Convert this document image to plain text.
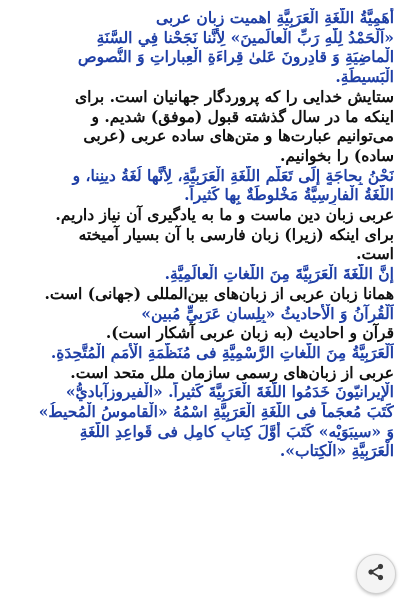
أَهَمِيَّةُ اللُّغَةِ الْعَرَبِيَّةِ اهميت زبان عربی
«اَلْحَمْدُ لِلّٰهِ رَبِّ الْعالَمینَ» لِأنَّنا نَجَحْنا فِي السَّنَةِ
الْماضِيَةِ وَ قادِرونَ عَلىٰ قِراءَةِ الْعِباراتِ وَ النُّصوصِ
الْبَسيطَةِ.
ستايش خدايى را كه پروردگار جهانيان است. براى
اينكه ما در سال گذشته قبول (موفق) شديم. و
مى‌توانيم عبارت‌ها و متن‌هاى ساده عربى (عربى
ساده) را بخوانيم.
نَحْنُ بِحاجَةٍ إلَى تَعَلُّمِ اللُّغَةِ الْعَرَبِيَّةِ، لِأَنَّها لُغَةُ دينِنا، و
اللُّغَةُ الْفارِسِيَّةُ مَخْلوطَةٌ بِها كَثيراً.
عربى زبان دين ماست و ما به يادگيرى آن نياز داريم.
براى اينكه (زيرا) زبان فارسى با آن بسيار آميخته
است.
إنَّ اللُّغَةَ الْعَرَبِيَّةَ مِنَ اللُّغاتِ الْعالَمِيَّةِ.
همانا زبان عربى از زبان‌هاى بين‌المللى (جهانى) است.
اَلْقُرآنُ وَ الْأَحاديثُ «بِلِسانٍ عَرَبِيٍّ مُبينٍ»
قرآن و احاديث (به زبان عربى آشكار است).
اَلْعَرَبِيَّةُ مِنَ اللُّغاتِ الرَّسْمِيَّةِ فی مُنَظَّمَةِ الْأُمَمِ الْمُتَّحِدَةِ.
عربى از زبان‌هاى رسمى سازمان ملل متحد است.
الْإيرانيّونَ خَدَمُوا اللُّغَةَ الْعَرَبِيَّةَ كَثيراً. «الْفيروزآباديُّ»
كَتَبَ مُعجَماً فی اللُّغَةِ الْعَرَبِيَّةِ اسْمُهُ «الْقاموسُ الْمُحيطُ»
وَ «سيبَوَيْه» كَتَبَ أَوَّلَ كِتابٍ كامِلٍ فی قَواعِدِ اللُّغَةِ
الْعَرَبِيَّةِ «الْكِتاب».
